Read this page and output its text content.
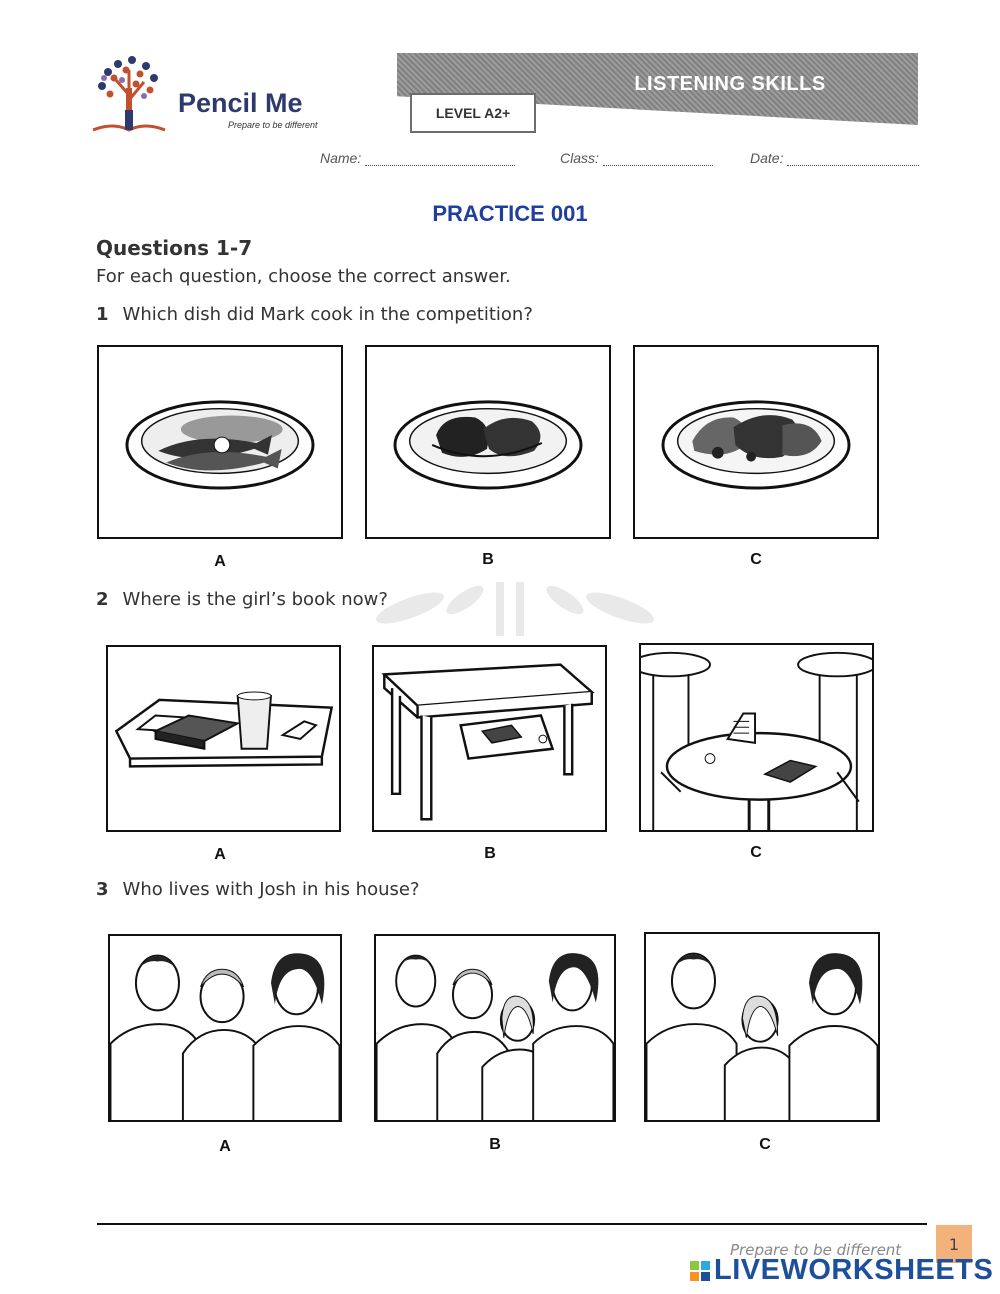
Pencil Me
Prepare to be different
LISTENING SKILLS
LEVEL A2+
Name:	Class:	Date:
PRACTICE 001
Questions 1-7
For each question, choose the correct answer.
1 Which dish did Mark cook in the competition?
A	B	C
2 Where is the girl’s book now?
A	B	C
3 Who lives with Josh in his house?
A	B	C
Prepare to be different	1
LIVEWORKSHEETS
